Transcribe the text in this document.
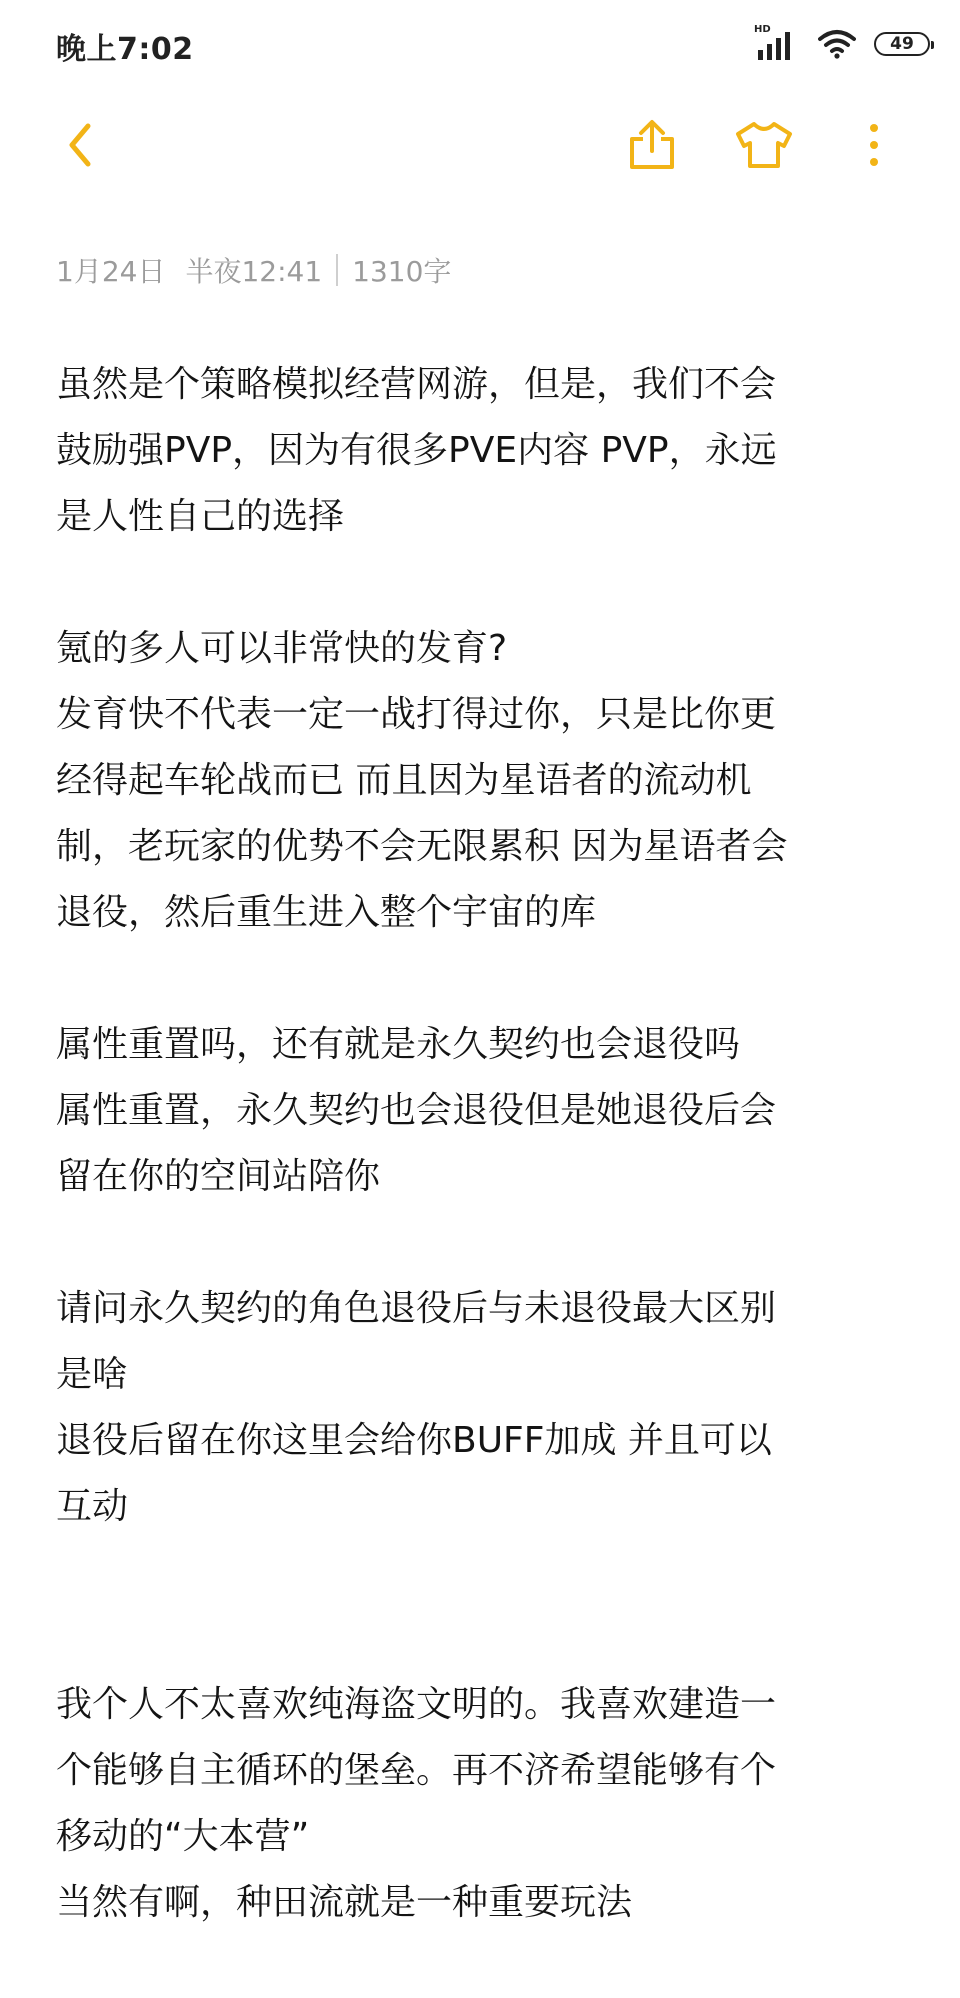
晚上7:02
HD
49
1月24日 半夜12:41 1310字
虽然是个策略模拟经营网游，但是，我们不会
鼓励强PVP，因为有很多PVE内容 PVP，永远
是人性自己的选择
氪的多人可以非常快的发育?
发育快不代表一定一战打得过你，只是比你更
经得起车轮战而已 而且因为星语者的流动机
制，老玩家的优势不会无限累积 因为星语者会
退役，然后重生进入整个宇宙的库
属性重置吗，还有就是永久契约也会退役吗
属性重置，永久契约也会退役但是她退役后会
留在你的空间站陪你
请问永久契约的角色退役后与未退役最大区别
是啥
退役后留在你这里会给你BUFF加成 并且可以
互动
我个人不太喜欢纯海盗文明的。我喜欢建造一
个能够自主循环的堡垒。再不济希望能够有个
移动的“大本营”
当然有啊，种田流就是一种重要玩法
